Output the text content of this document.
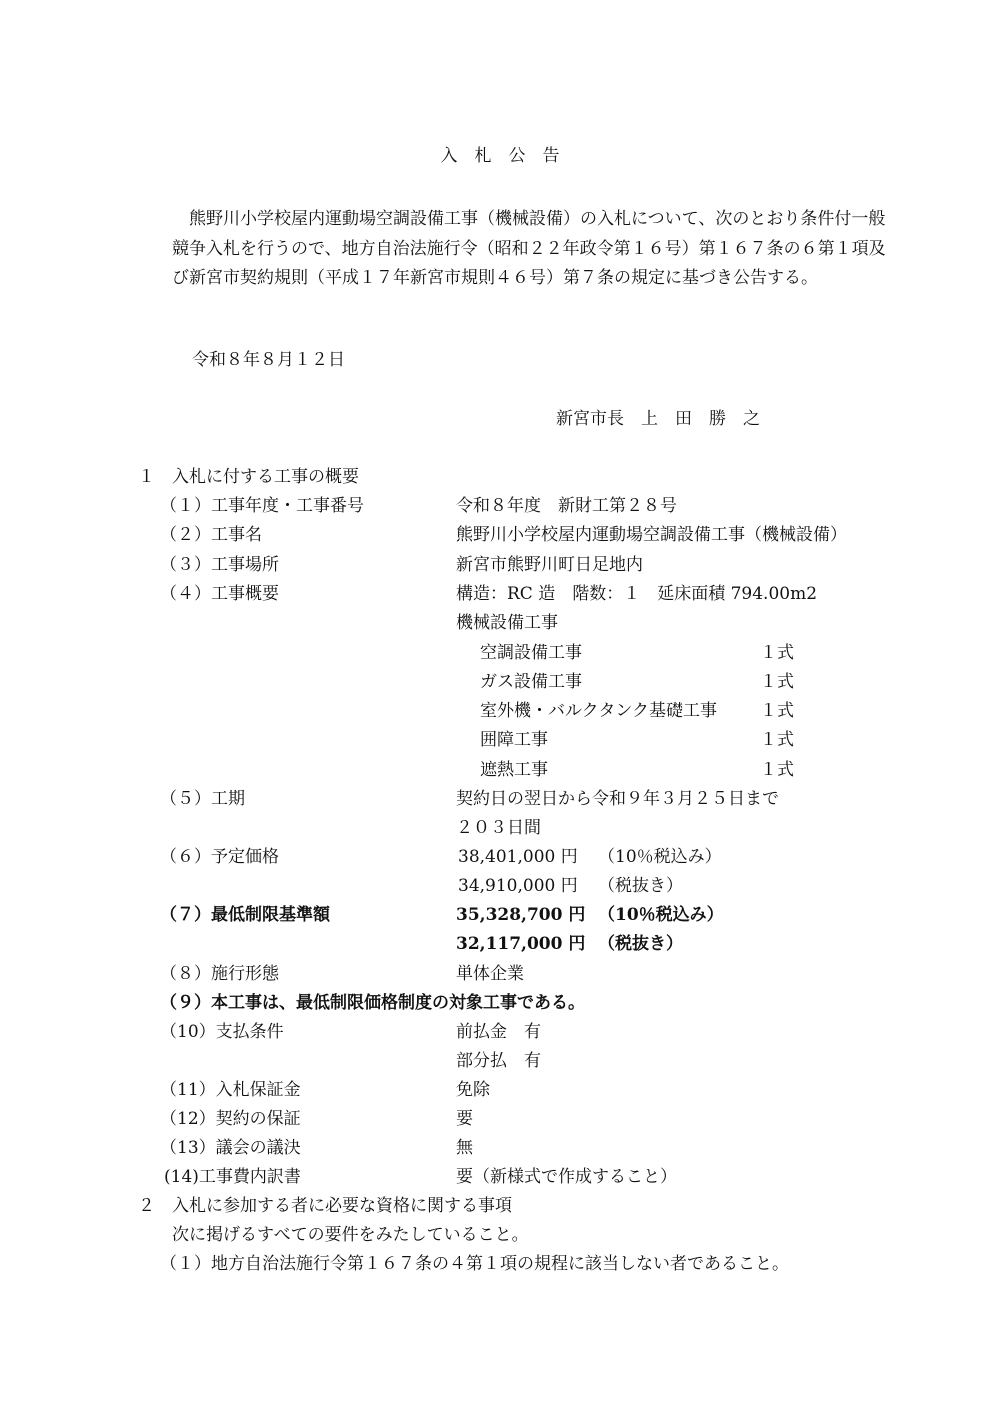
入　札　公　告
　熊野川小学校屋内運動場空調設備工事（機械設備）の入札について、次のとおり条件付一般競争入札を行うので、地方自治法施行令（昭和２２年政令第１６号）第１６７条の６第１項及び新宮市契約規則（平成１７年新宮市規則４６号）第７条の規定に基づき公告する。
令和８年８月１２日
新宮市長　上　田　勝　之
１　入札に付する工事の概要
（１）工事年度・工事番号	令和８年度　新財工第２８号
（２）工事名	熊野川小学校屋内運動場空調設備工事（機械設備）
（３）工事場所	新宮市熊野川町日足地内
（４）工事概要	構造：RC 造　階数：１　延床面積 794.00m2
機械設備工事
空調設備工事	１式
ガス設備工事	１式
室外機・バルクタンク基礎工事	１式
囲障工事	１式
遮熱工事	１式
（５）工期	契約日の翌日から令和９年３月２５日まで
２０３日間
（６）予定価格	38,401,000 円 （10％税込み）
34,910,000 円 （税抜き）
（７）最低制限基準額	35,328,700 円 （10％税込み）
32,117,000 円 （税抜き）
（８）施行形態	単体企業
（９）本工事は、最低制限価格制度の対象工事である。
（10）支払条件	前払金　有
部分払　有
（11）入札保証金	免除
（12）契約の保証	要
（13）議会の議決	無
(14)工事費内訳書	要（新様式で作成すること）
２　入札に参加する者に必要な資格に関する事項
次に掲げるすべての要件をみたしていること。
（１）地方自治法施行令第１６７条の４第１項の規程に該当しない者であること。
